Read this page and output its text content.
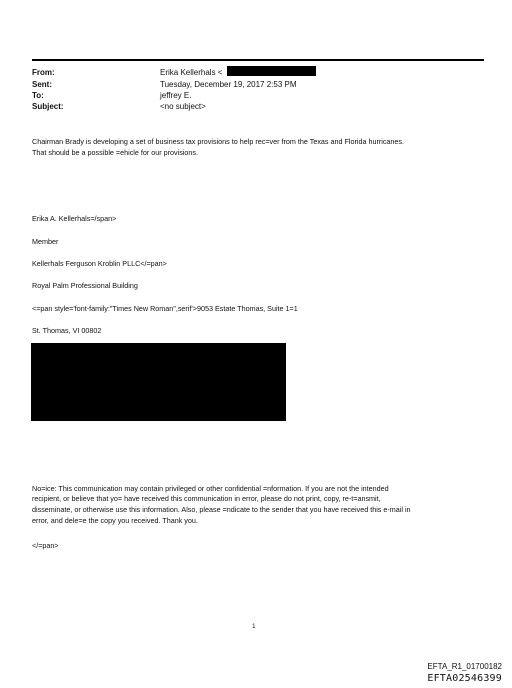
From:	Erika Kellerhals <
Sent:	Tuesday, December 19, 2017 2:53 PM
To:	jeffrey E.
Subject:	<no subject>
Chairman Brady is developing a set of business tax provisions to help rec=ver from the Texas and Florida hurricanes.
That should be a possible =ehicle for our provisions.
Erika A. Kellerhals=/span>
Member
Kellerhals Ferguson Kroblin PLLC</=pan>
Royal Palm Professional Building
<=pan style='font-family:"Times New Roman",serif'>9053 Estate Thomas, Suite 1=1
St. Thomas, VI 00802
No=ice: This communication may contain privileged or other confidential =nformation. If you are not the intended
recipient, or believe that yo= have received this communication in error, please do not print, copy, re-t=ansmit,
disseminate, or otherwise use this information. Also, please =ndicate to the sender that you have received this e-mail in
error, and dele=e the copy you received. Thank you.
</=pan>
1
EFTA_R1_01700182
EFTA02546399
